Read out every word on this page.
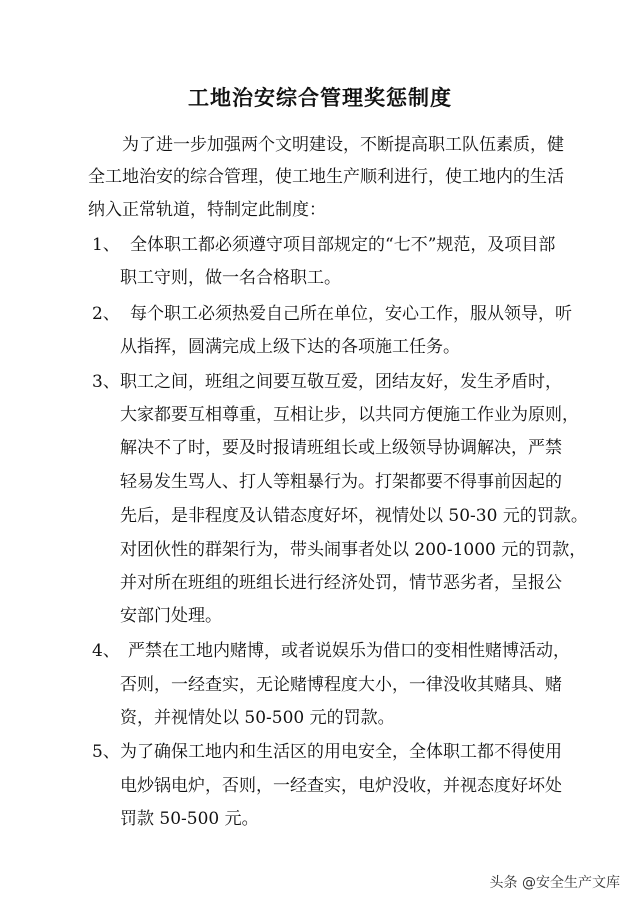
工地治安综合管理奖惩制度
为了进一步加强两个文明建设，不断提高职工队伍素质，健
全工地治安的综合管理，使工地生产顺利进行，使工地内的生活
纳入正常轨道，特制定此制度：
1、 全体职工都必须遵守项目部规定的“七不”规范，及项目部
职工守则，做一名合格职工。
2、 每个职工必须热爱自己所在单位，安心工作，服从领导，听
从指挥，圆满完成上级下达的各项施工任务。
3、 职工之间，班组之间要互敬互爱，团结友好，发生矛盾时，
大家都要互相尊重，互相让步，以共同方便施工作业为原则，
解决不了时，要及时报请班组长或上级领导协调解决，严禁
轻易发生骂人、打人等粗暴行为。打架都要不得事前因起的
先后，是非程度及认错态度好坏，视情处以 50-30 元的罚款。
对团伙性的群架行为，带头闹事者处以 200-1000 元的罚款，
并对所在班组的班组长进行经济处罚，情节恶劣者，呈报公
安部门处理。
4、 严禁在工地内赌博，或者说娱乐为借口的变相性赌博活动，
否则，一经查实，无论赌博程度大小，一律没收其赌具、赌
资，并视情处以 50-500 元的罚款。
5、 为了确保工地内和生活区的用电安全，全体职工都不得使用
电炒锅电炉，否则，一经查实，电炉没收，并视态度好坏处
罚款 50-500 元。
头条 @安全生产文库
